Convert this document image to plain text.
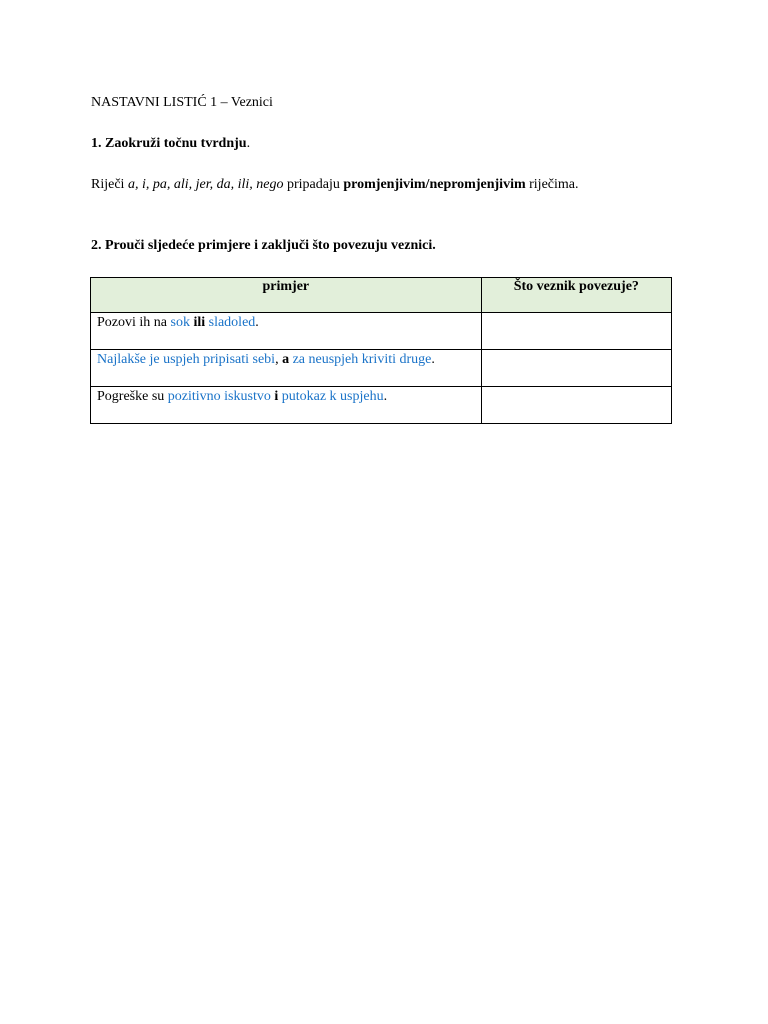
NASTAVNI LISTIĆ 1 – Veznici

1. Zaokruži točnu tvrdnju.

Riječi a, i, pa, ali, jer, da, ili, nego pripadaju promjenjivim/nepromjenjivim riječima.

2. Prouči sljedeće primjere i zaključi što povezuju veznici.

primjer	Što veznik povezuje?

Pozovi ih na sok ili sladoled.	
Najlakše je uspjeh pripisati sebi, a za neuspjeh kriviti druge.	
Pogreške su pozitivno iskustvo i putokaz k uspjehu.	
